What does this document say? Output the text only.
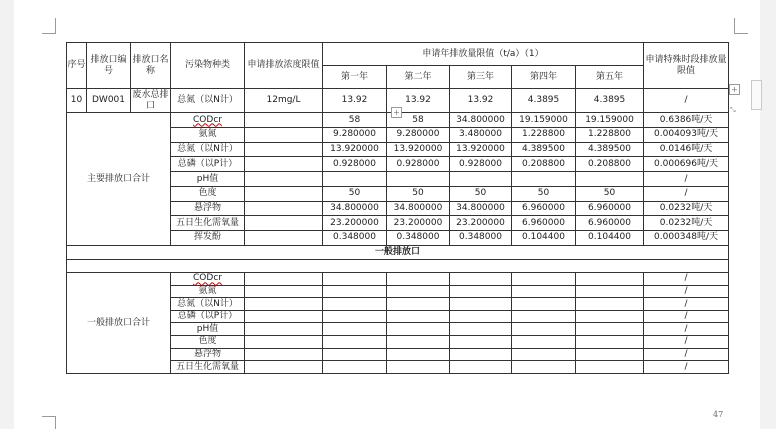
序号	排放口编号	排放口名称	污染物种类	申请排放浓度限值	申请年排放量限值（t/a）（1）					申请特殊时段排放量限值
					第一年	第二年	第三年	第四年	第五年	
10	DW001	废水总排口	总氮（以N计）	12mg/L	13.92	13.92	13.92	4.3895	4.3895	/
主要排放口合计			CODcr		58	58	34.800000	19.159000	19.159000	0.6386吨/天
			氨氮		9.280000	9.280000	3.480000	1.228800	1.228800	0.004093吨/天
			总氮（以N计）		13.920000	13.920000	13.920000	4.389500	4.389500	0.0146吨/天
			总磷（以P计）		0.928000	0.928000	0.928000	0.208800	0.208800	0.000696吨/天
			pH值							/
			色度		50	50	50	50	50	/
			悬浮物		34.800000	34.800000	34.800000	6.960000	6.960000	0.0232吨/天
			五日生化需氧量		23.200000	23.200000	23.200000	6.960000	6.960000	0.0232吨/天
			挥发酚		0.348000	0.348000	0.348000	0.104400	0.104400	0.000348吨/天
一般排放口										

一般排放口合计			CODcr							/
			氨氮							/
			总氮（以N计）							/
			总磷（以P计）							/
			pH值							/
			色度							/
			悬浮物							/
			五日生化需氧量							/
+
+
⤡
47
